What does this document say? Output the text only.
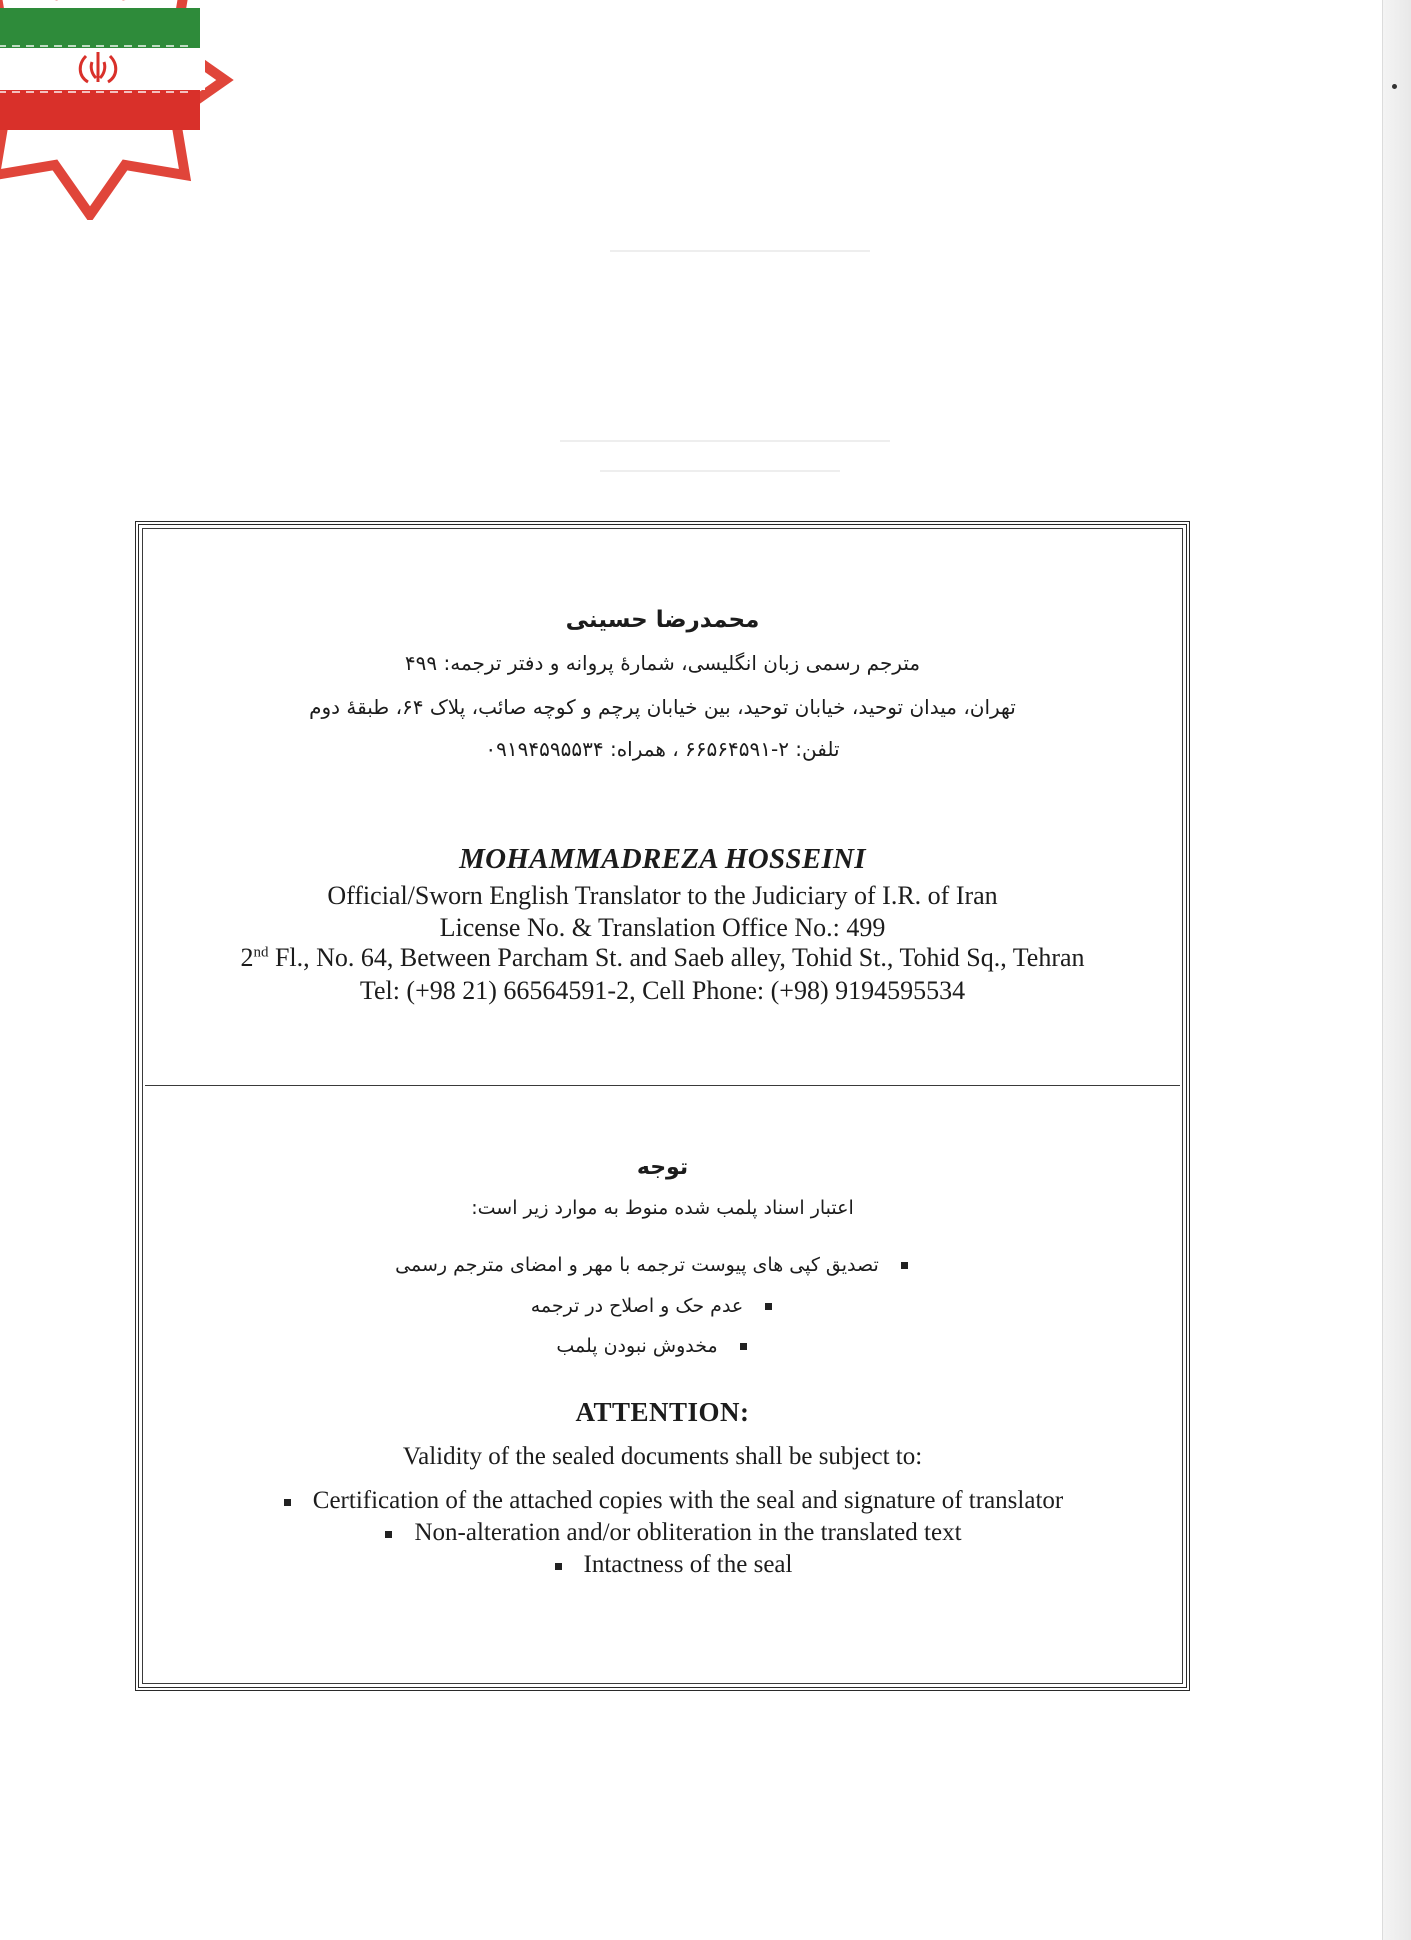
محمدرضا حسینی
مترجم رسمی زبان انگلیسی، شمارۀ پروانه و دفتر ترجمه: ۴۹۹
تهران، میدان توحید، خیابان توحید، بین خیابان پرچم و کوچه صائب، پلاک ۶۴، طبقۀ دوم
تلفن: ۲-۶۶۵۶۴۵۹۱ ، همراه: ۰۹۱۹۴۵۹۵۵۳۴
MOHAMMADREZA HOSSEINI
Official/Sworn English Translator to the Judiciary of I.R. of Iran
License No. & Translation Office No.: 499
2nd Fl., No. 64, Between Parcham St. and Saeb alley, Tohid St., Tohid Sq., Tehran
Tel: (+98 21) 66564591-2, Cell Phone: (+98) 9194595534
توجه
اعتبار اسناد پلمب شده منوط به موارد زیر است:
تصدیق کپی های پیوست ترجمه با مهر و امضای مترجم رسمی
عدم حک و اصلاح در ترجمه
مخدوش نبودن پلمب
ATTENTION:
Validity of the sealed documents shall be subject to:
Certification of the attached copies with the seal and signature of translator
Non-alteration and/or obliteration in the translated text
Intactness of the seal
